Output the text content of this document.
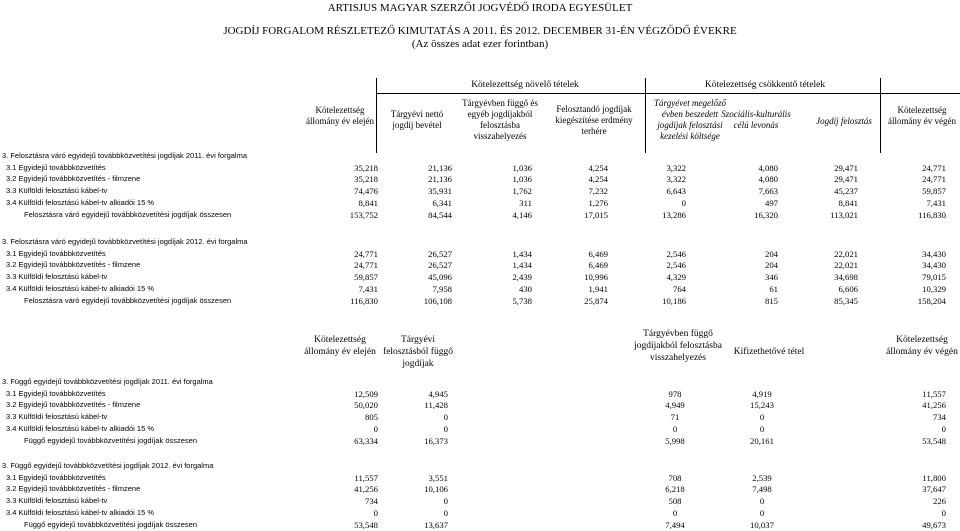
ARTISJUS MAGYAR SZERZŐI JOGVÉDŐ IRODA EGYESÜLET
JOGDÍJ FORGALOM RÉSZLETEZŐ KIMUTATÁS A 2011. ÉS 2012. DECEMBER 31-ÉN VÉGZŐDŐ ÉVEKRE
(Az összes adat ezer forintban)
Kötelezettség növelő tételek	Kötelezettség csökkentő tételek
Kötelezettség állomány év elején
Tárgyévi nettó jogdíj bevétel
Tárgyévben függő és egyéb jogdíjakból felosztásba visszahelyezés
Felosztandó jogdíjak kiegészítése erdmény terhére
Tárgyévet megelőző évben beszedett jogdíjak felosztási kezelési költsége
Szociális-kulturális célú levonás	Jogdíj felosztás
Kötelezettség állomány év végén
3. Felosztásra váró egyidejű továbbközvetítési jogdíjak 2011. évi forgalma
3.1 Egyidejű továbbközvetítés	35,218	21,136	1,036	4,254	3,322	4,080	29,471	24,771
3.2 Egyidejű továbbközvetítés - filmzene	35,218	21,136	1,036	4,254	3,322	4,080	29,471	24,771
3.3 Külföldi felosztású kábel-tv	74,476	35,931	1,762	7,232	6,643	7,663	45,237	59,857
3.4 Külföldi felosztású kábel-tv alkiadói 15 %	8,841	6,341	311	1,276	0	497	8,841	7,431
Felosztásra váró egyidejű továbbközvetítési jogdíjak összesen	153,752	84,544	4,146	17,015	13,286	16,320	113,021	116,830
3. Felosztásra váró egyidejű továbbközvetítési jogdíjak 2012. évi forgalma
3.1 Egyidejű továbbközvetítés	24,771	26,527	1,434	6,469	2,546	204	22,021	34,430
3.2 Egyidejű továbbközvetítés - filmzene	24,771	26,527	1,434	6,469	2,546	204	22,021	34,430
3.3 Külföldi felosztású kábel-tv	59,857	45,096	2,439	10,996	4,329	346	34,698	79,015
3.4 Külföldi felosztású kábel-tv alkiadói 15 %	7,431	7,958	430	1,941	764	61	6,606	10,329
Felosztásra váró egyidejű továbbközvetítési jogdíjak összesen	116,830	106,108	5,738	25,874	10,186	815	85,345	158,204
Kötelezettség állomány év elején
Tárgyévi felosztásból függő jogdíjak
Tárgyévben függő jogdíjakból felosztásba visszahelyezés
Kifizethetővé tétel
Kötelezettség állomány év végén
3. Függő egyidejű továbbközvetítési jogdíjak 2011. évi forgalma
3.1 Egyidejű továbbközvetítés	12,509	4,945	978	4,919	11,557
3.2 Egyidejű továbbközvetítés - filmzene	50,020	11,428	4,949	15,243	41,256
3.3 Külföldi felosztású kábel-tv	805	0	71	0	734
3.4 Külföldi felosztású kábel-tv alkiadói 15 %	0	0	0	0	0
Függő egyidejű továbbközvetítési jogdíjak összesen	63,334	16,373	5,998	20,161	53,548
3. Függő egyidejű továbbközvetítési jogdíjak 2012. évi forgalma
3.1 Egyidejű továbbközvetítés	11,557	3,551	708	2,539	11,800
3.2 Egyidejű továbbközvetítés - filmzene	41,256	10,106	6,218	7,498	37,647
3.3 Külföldi felosztású kábel-tv	734	0	508	0	226
3.4 Külföldi felosztású kábel-tv alkiadói 15 %	0	0	0	0	0
Függő egyidejű továbbközvetítési jogdíjak összesen	53,548	13,637	7,494	10,037	49,673
